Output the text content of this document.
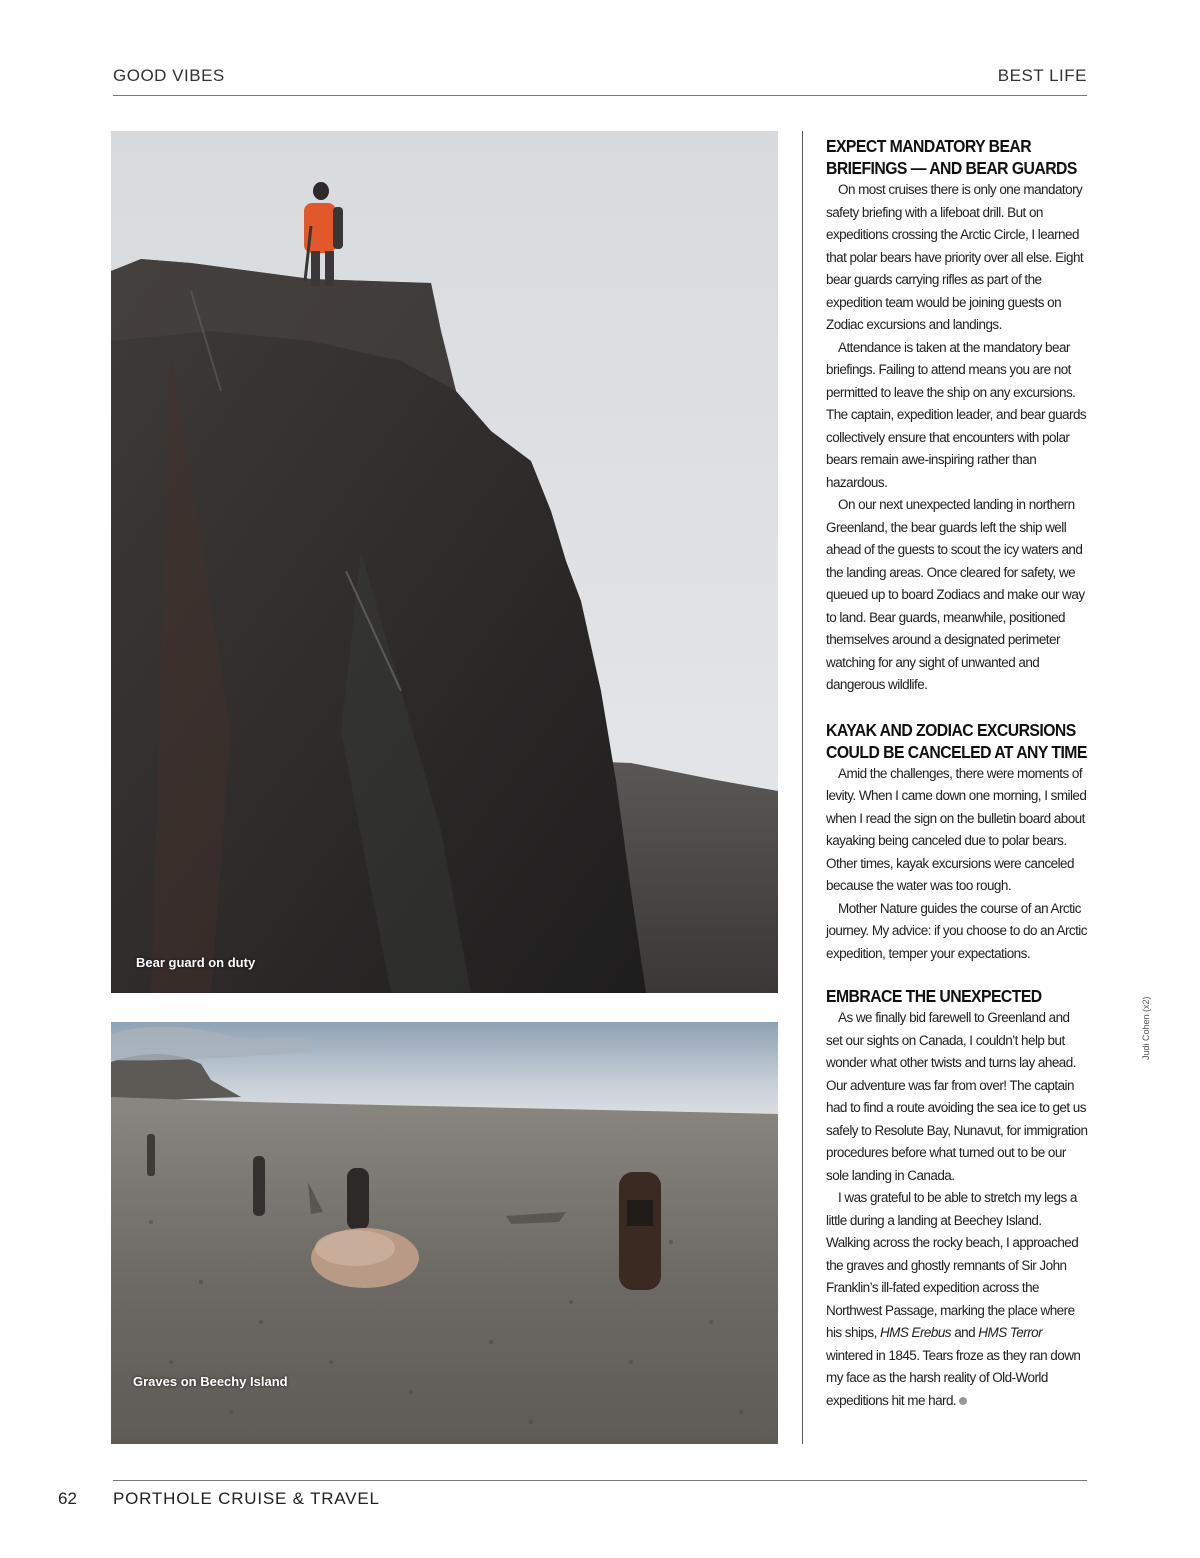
GOOD VIBES	BEST LIFE
Bear guard on duty
Graves on Beechy Island
EXPECT MANDATORY BEAR BRIEFINGS — AND BEAR GUARDS

On most cruises there is only one mandatory safety briefing with a lifeboat drill. But on expeditions crossing the Arctic Circle, I learned that polar bears have priority over all else. Eight bear guards carrying rifles as part of the expedition team would be joining guests on Zodiac excursions and landings.

Attendance is taken at the mandatory bear briefings. Failing to attend means you are not permitted to leave the ship on any excursions. The captain, expedition leader, and bear guards collectively ensure that encounters with polar bears remain awe-inspiring rather than hazardous.

On our next unexpected landing in northern Greenland, the bear guards left the ship well ahead of the guests to scout the icy waters and the landing areas. Once cleared for safety, we queued up to board Zodiacs and make our way to land. Bear guards, meanwhile, positioned themselves around a designated perimeter watching for any sight of unwanted and dangerous wildlife.

KAYAK AND ZODIAC EXCURSIONS COULD BE CANCELED AT ANY TIME

Amid the challenges, there were moments of levity. When I came down one morning, I smiled when I read the sign on the bulletin board about kayaking being canceled due to polar bears. Other times, kayak excursions were canceled because the water was too rough.

Mother Nature guides the course of an Arctic journey. My advice: if you choose to do an Arctic expedition, temper your expectations.

EMBRACE THE UNEXPECTED

As we finally bid farewell to Greenland and set our sights on Canada, I couldn’t help but wonder what other twists and turns lay ahead. Our adventure was far from over! The captain had to find a route avoiding the sea ice to get us safely to Resolute Bay, Nunavut, for immigration procedures before what turned out to be our sole landing in Canada.

I was grateful to be able to stretch my legs a little during a landing at Beechey Island. Walking across the rocky beach, I approached the graves and ghostly remnants of Sir John Franklin’s ill-fated expedition across the Northwest Passage, marking the place where his ships, HMS Erebus and HMS Terror wintered in 1845. Tears froze as they ran down my face as the harsh reality of Old-World expeditions hit me hard.

Judi Cohen (x2)
62 PORTHOLE CRUISE & TRAVEL
